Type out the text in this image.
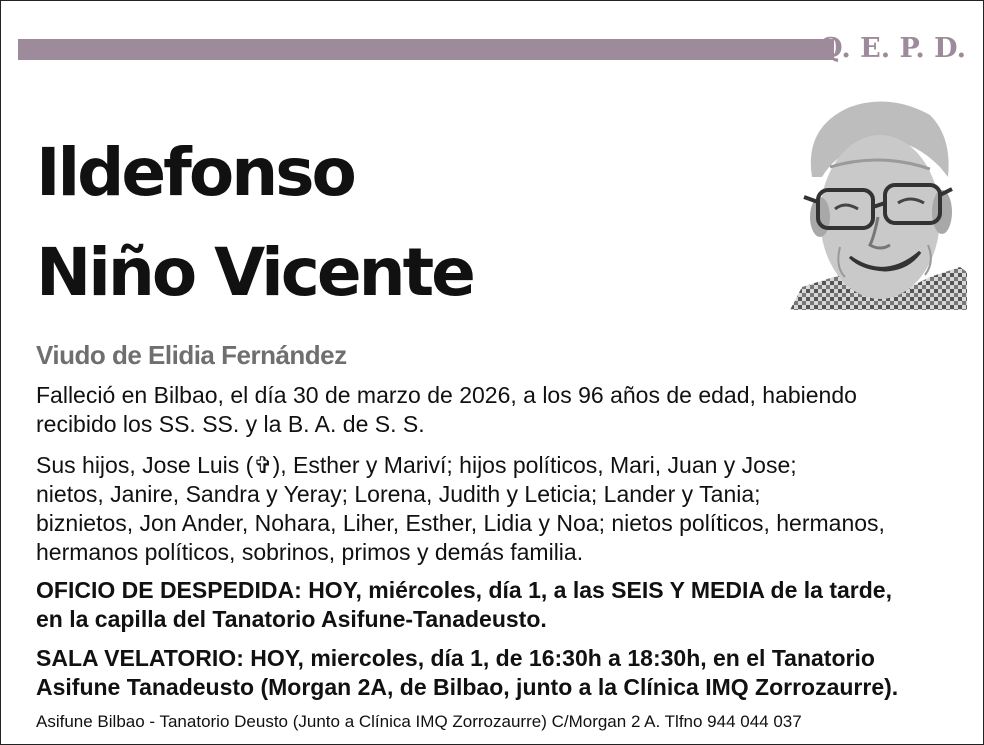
Q. E. P. D.
Ildefonso
Niño Vicente
Viudo de Elidia Fernández
Falleció en Bilbao, el día 30 de marzo de 2026, a los 96 años de edad, habiendo
recibido los SS. SS. y la B. A. de S. S.
Sus hijos, Jose Luis (✞), Esther y Mariví; hijos políticos, Mari, Juan y Jose;
nietos, Janire, Sandra y Yeray; Lorena, Judith y Leticia; Lander y Tania;
biznietos, Jon Ander, Nohara, Liher, Esther, Lidia y Noa; nietos políticos, hermanos,
hermanos políticos, sobrinos, primos y demás familia.
OFICIO DE DESPEDIDA: HOY, miércoles, día 1, a las SEIS Y MEDIA de la tarde,
en la capilla del Tanatorio Asifune-Tanadeusto.
SALA VELATORIO: HOY, miercoles, día 1, de 16:30h a 18:30h, en el Tanatorio
Asifune Tanadeusto (Morgan 2A, de Bilbao, junto a la Clínica IMQ Zorrozaurre).
Asifune Bilbao - Tanatorio Deusto (Junto a Clínica IMQ Zorrozaurre) C/Morgan 2 A. Tlfno 944 044 037
